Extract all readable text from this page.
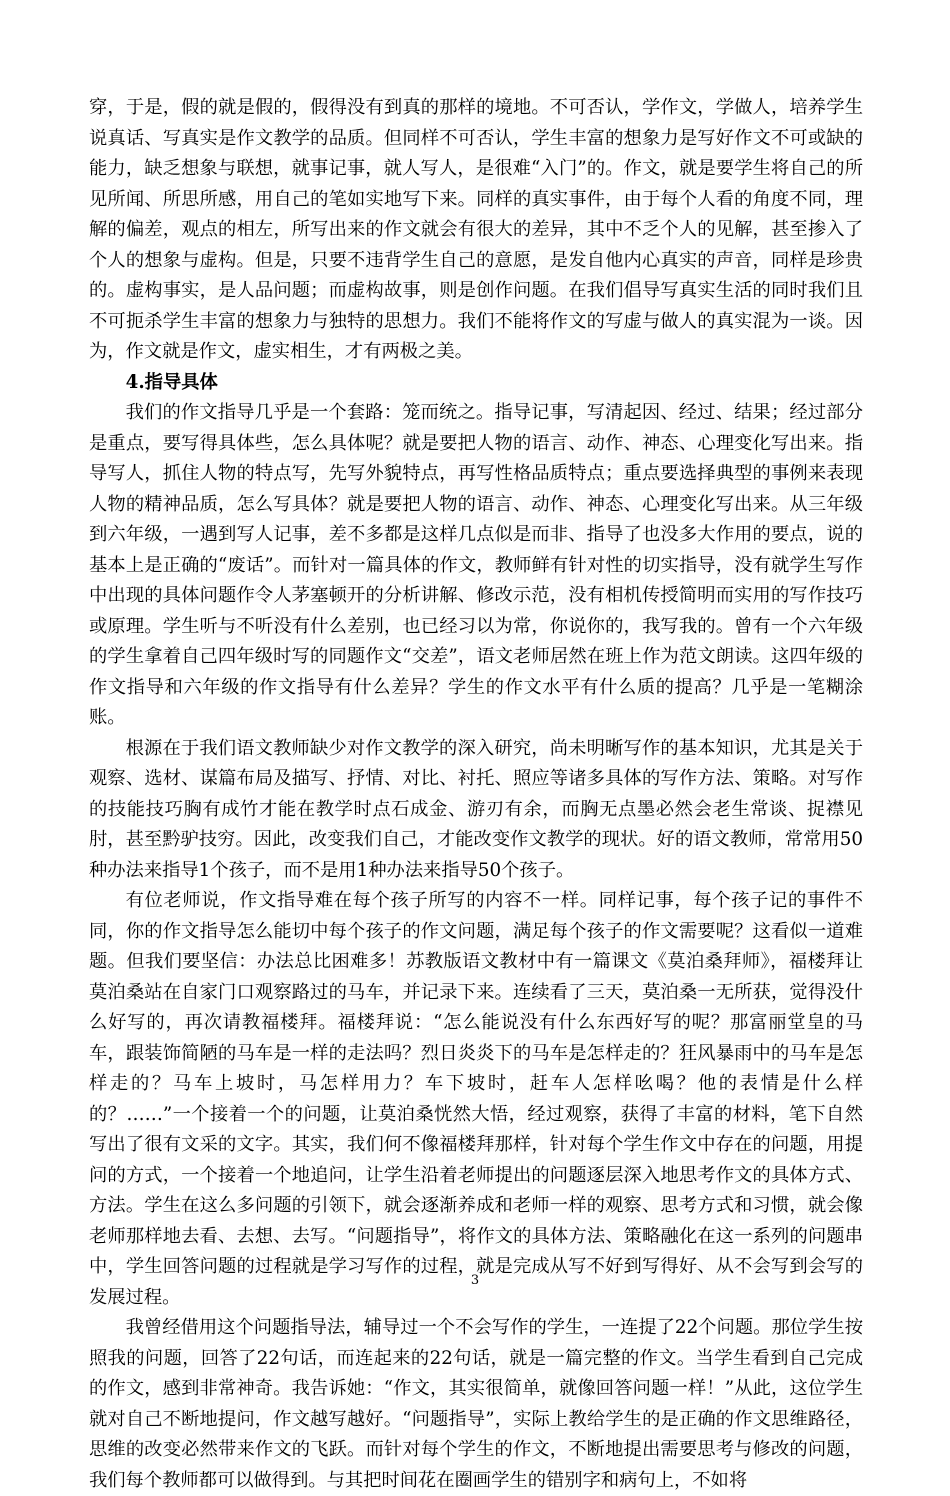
穿，于是，假的就是假的，假得没有到真的那样的境地。不可否认，学作文，学做人，培养学生说真话、写真实是作文教学的品质。但同样不可否认，学生丰富的想象力是写好作文不可或缺的能力，缺乏想象与联想，就事记事，就人写人，是很难“入门”的。作文，就是要学生将自己的所见所闻、所思所感，用自己的笔如实地写下来。同样的真实事件，由于每个人看的角度不同，理解的偏差，观点的相左，所写出来的作文就会有很大的差异，其中不乏个人的见解，甚至掺入了个人的想象与虚构。但是，只要不违背学生自己的意愿，是发自他内心真实的声音，同样是珍贵的。虚构事实，是人品问题；而虚构故事，则是创作问题。在我们倡导写真实生活的同时我们且不可扼杀学生丰富的想象力与独特的思想力。我们不能将作文的写虚与做人的真实混为一谈。因为，作文就是作文，虚实相生，才有两极之美。

4.指导具体

我们的作文指导几乎是一个套路：笼而统之。指导记事，写清起因、经过、结果；经过部分是重点，要写得具体些，怎么具体呢？就是要把人物的语言、动作、神态、心理变化写出来。指导写人，抓住人物的特点写，先写外貌特点，再写性格品质特点；重点要选择典型的事例来表现人物的精神品质，怎么写具体？就是要把人物的语言、动作、神态、心理变化写出来。从三年级到六年级，一遇到写人记事，差不多都是这样几点似是而非、指导了也没多大作用的要点，说的基本上是正确的“废话”。而针对一篇具体的作文，教师鲜有针对性的切实指导，没有就学生写作中出现的具体问题作令人茅塞顿开的分析讲解、修改示范，没有相机传授简明而实用的写作技巧或原理。学生听与不听没有什么差别，也已经习以为常，你说你的，我写我的。曾有一个六年级的学生拿着自己四年级时写的同题作文“交差”，语文老师居然在班上作为范文朗读。这四年级的作文指导和六年级的作文指导有什么差异？学生的作文水平有什么质的提高？几乎是一笔糊涂账。

根源在于我们语文教师缺少对作文教学的深入研究，尚未明晰写作的基本知识，尤其是关于观察、选材、谋篇布局及描写、抒情、对比、衬托、照应等诸多具体的写作方法、策略。对写作的技能技巧胸有成竹才能在教学时点石成金、游刃有余，而胸无点墨必然会老生常谈、捉襟见肘，甚至黔驴技穷。因此，改变我们自己，才能改变作文教学的现状。好的语文教师，常常用50种办法来指导1个孩子，而不是用1种办法来指导50个孩子。

有位老师说，作文指导难在每个孩子所写的内容不一样。同样记事，每个孩子记的事件不同，你的作文指导怎么能切中每个孩子的作文问题，满足每个孩子的作文需要呢？这看似一道难题。但我们要坚信：办法总比困难多！苏教版语文教材中有一篇课文《莫泊桑拜师》，福楼拜让莫泊桑站在自家门口观察路过的马车，并记录下来。连续看了三天，莫泊桑一无所获，觉得没什么好写的，再次请教福楼拜。福楼拜说：“怎么能说没有什么东西好写的呢？那富丽堂皇的马车，跟装饰简陋的马车是一样的走法吗？烈日炎炎下的马车是怎样走的？狂风暴雨中的马车是怎样走的？马车上坡时，马怎样用力？车下坡时，赶车人怎样吆喝？他的表情是什么样的？……”一个接着一个的问题，让莫泊桑恍然大悟，经过观察，获得了丰富的材料，笔下自然写出了很有文采的文字。其实，我们何不像福楼拜那样，针对每个学生作文中存在的问题，用提问的方式，一个接着一个地追问，让学生沿着老师提出的问题逐层深入地思考作文的具体方式、方法。学生在这么多问题的引领下，就会逐渐养成和老师一样的观察、思考方式和习惯，就会像老师那样地去看、去想、去写。“问题指导”，将作文的具体方法、策略融化在这一系列的问题串中，学生回答问题的过程就是学习写作的过程，就是完成从写不好到写得好、从不会写到会写的发展过程。

我曾经借用这个问题指导法，辅导过一个不会写作的学生，一连提了22个问题。那位学生按照我的问题，回答了22句话，而连起来的22句话，就是一篇完整的作文。当学生看到自己完成的作文，感到非常神奇。我告诉她：“作文，其实很简单，就像回答问题一样！”从此，这位学生就对自己不断地提问，作文越写越好。“问题指导”，实际上教给学生的是正确的作文思维路径，思维的改变必然带来作文的飞跃。而针对每个学生的作文，不断地提出需要思考与修改的问题，我们每个教师都可以做得到。与其把时间花在圈画学生的错别字和病句上，不如将

3
